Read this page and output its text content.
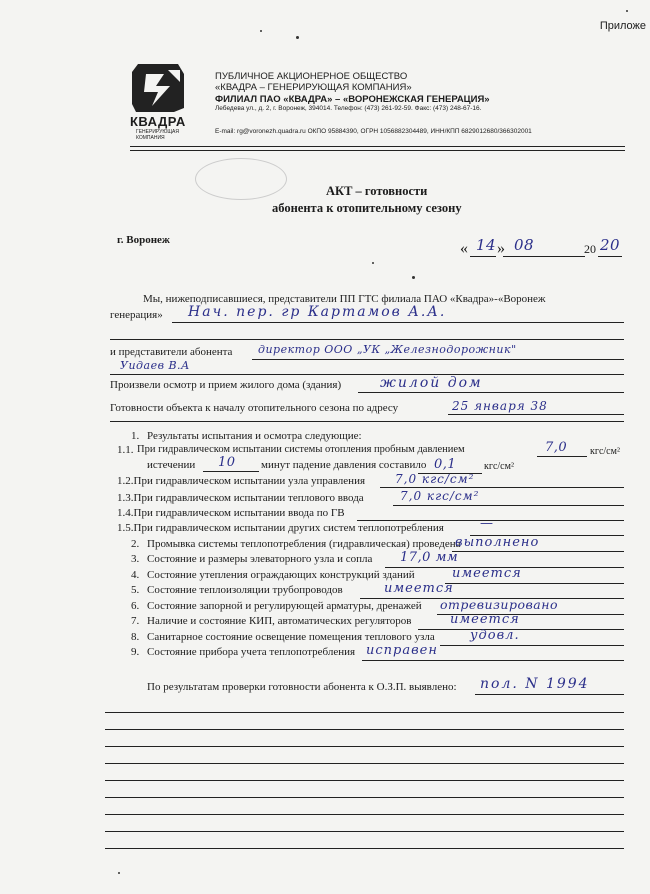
Приложе
КВАДРА
ГЕНЕРИРУЮЩАЯ КОМПАНИЯ
ПУБЛИЧНОЕ АКЦИОНЕРНОЕ ОБЩЕСТВО
«КВАДРА – ГЕНЕРИРУЮЩАЯ КОМПАНИЯ»
ФИЛИАЛ ПАО «КВАДРА» – «ВОРОНЕЖСКАЯ ГЕНЕРАЦИЯ»
Лебедева ул., д. 2, г. Воронеж, 394014. Телефон: (473) 261-92-59. Факс: (473) 248-67-16.
E-mail: rg@voronezh.quadra.ru ОКПО 95884390, ОГРН 1056882304489, ИНН/КПП 6829012680/366302001
АКТ – готовности
абонента к отопительному сезону
г. Воронеж	« 14 » 08	20 20
Мы, нижеподписавшиеся, представители ПП ГТС филиала ПАО «Квадра»-«Воронеж
генерация» Нач. пер. гр Картамов А.А.
и представители абонента директор ООО „УК „Железнодорожник"
Уидаев В.А
Произвели осмотр и прием жилого дома (здания)	жилой дом
Готовности объекта к началу отопительного сезона по адресу	25 января 38
1. Результаты испытания и осмотра следующие:
1.1. При гидравлическом испытании системы отопления пробным давлением	7,0 кгс/см²
истечении 10 минут падение давления составило 0,1	кгс/см²
1.2.При гидравлическом испытании узла управления 7,0 кгс/см²
1.3.При гидравлическом испытании теплового ввода	7,0 кгс/см²
1.4.При гидравлическом испытании ввода по ГВ
1.5.При гидравлическом испытании других систем теплопотребления	—
2. Промывка системы теплопотребления (гидравлическая) проведена
выполнено
3. Состояние и размеры элеваторного узла и сопла 17,0 мм
4. Состояние утепления ограждающих конструкций зданий	имеется
5. Состояние теплоизоляции трубопроводов	имеется
6. Состояние запорной и регулирующей арматуры, дренажей отревизировано
7. Наличие и состояние КИП, автоматических регуляторов	имеется
8. Санитарное состояние освещение помещения теплового узла	удовл.
9. Состояние прибора учета теплопотребления исправен
По результатам проверки готовности абонента к О.З.П. выявлено: пол. N 1994
